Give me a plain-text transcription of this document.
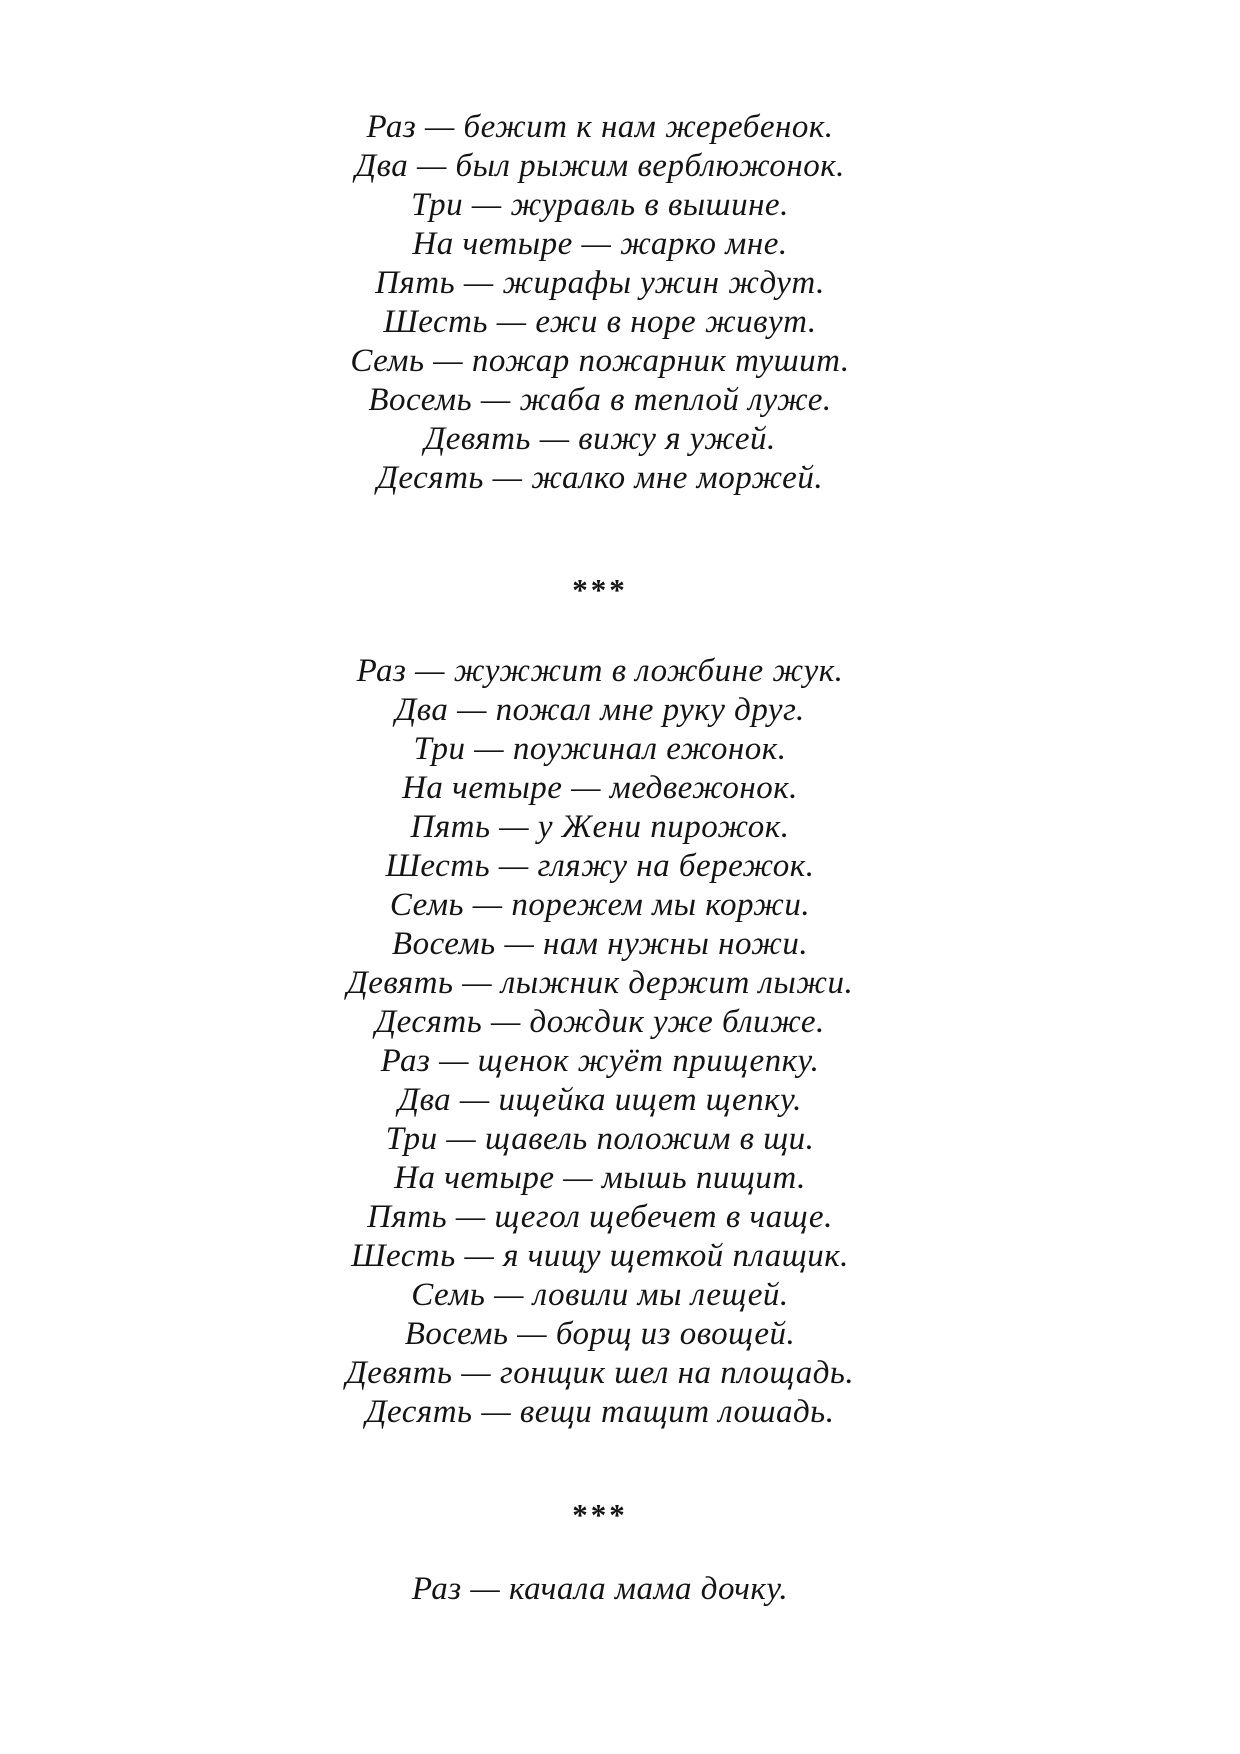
Раз — бежит к нам жеребенок.
Два — был рыжим верблюжонок.
Три — журавль в вышине.
На четыре — жарко мне.
Пять — жирафы ужин ждут.
Шесть — ежи в норе живут.
Семь — пожар пожарник тушит.
Восемь — жаба в теплой луже.
Девять — вижу я ужей.
Десять — жалко мне моржей.
***
Раз — жужжит в ложбине жук.
Два — пожал мне руку друг.
Три — поужинал ежонок.
На четыре — медвежонок.
Пять — у Жени пирожок.
Шесть — гляжу на бережок.
Семь — порежем мы коржи.
Восемь — нам нужны ножи.
Девять — лыжник держит лыжи.
Десять — дождик уже ближе.
Раз — щенок жуёт прищепку.
Два — ищейка ищет щепку.
Три — щавель положим в щи.
На четыре — мышь пищит.
Пять — щегол щебечет в чаще.
Шесть — я чищу щеткой плащик.
Семь — ловили мы лещей.
Восемь — борщ из овощей.
Девять — гонщик шел на площадь.
Десять — вещи тащит лошадь.
***
Раз — качала мама дочку.
